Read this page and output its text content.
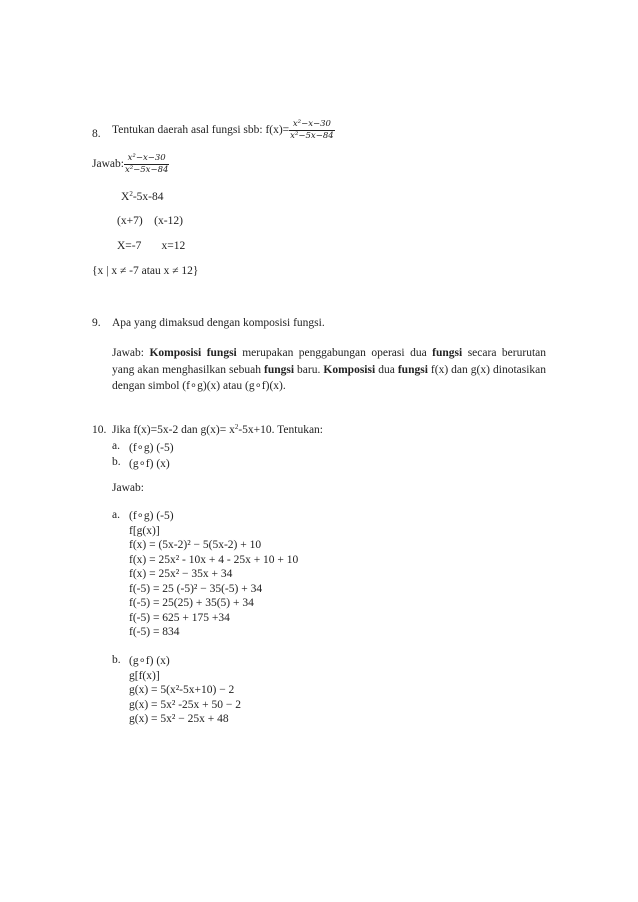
8. Tentukan daerah asal fungsi sbb: $f(x)= \frac{\text{x²−x−30}}{\text{x²−5x−84}}$
Jawab: $\frac{\text{x²−x−30}}{\text{x²−5x−84}}$
$X^2-5x-84$
(x+7) (x-12)
X=-7 x=12
{x | x ≠ -7 atau x ≠ 12}
9. Apa yang dimaksud dengan komposisi fungsi.
Jawab: Komposisi fungsi merupakan penggabungan operasi dua fungsi secara berurutan
yang akan menghasilkan sebuah fungsi baru. Komposisi dua fungsi f(x) dan g(x) dinotasikan
dengan simbol (f∘g)(x) atau (g∘f)(x).
10. Jika f(x)=5x-2 dan $g(x)= x^2-5x+10$. Tentukan:
a. (f∘g) (-5)
b. (g∘f) (x)
Jawab:
a. (f∘g) (-5)
f[g(x)]
f(x) = (5x-2)² − 5(5x-2) + 10
f(x) = 25x² - 10x + 4 - 25x + 10 + 10
f(x) = 25x² − 35x + 34
f(-5) = 25 (-5)² − 35(-5) + 34
f(-5) = 25(25) + 35(5) + 34
f(-5) = 625 + 175 +34
f(-5) = 834
b. (g∘f) (x)
g[f(x)]
g(x) = 5(x²-5x+10) − 2
g(x) = 5x² -25x + 50 − 2
g(x) = 5x² − 25x + 48
